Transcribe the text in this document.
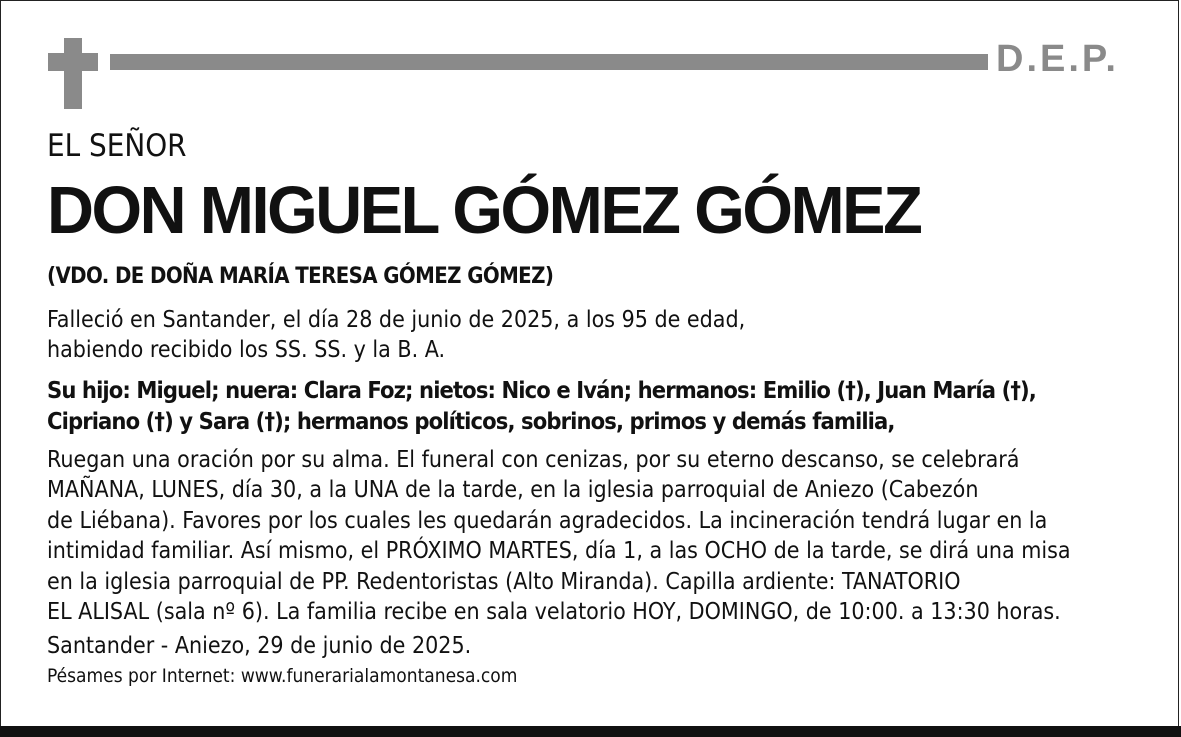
D.E.P.
EL SEÑOR
DON MIGUEL GÓMEZ GÓMEZ
(VDO. DE DOÑA MARÍA TERESA GÓMEZ GÓMEZ)
Falleció en Santander, el día 28 de junio de 2025, a los 95 de edad,
habiendo recibido los SS. SS. y la B. A.
Su hijo: Miguel; nuera: Clara Foz; nietos: Nico e Iván; hermanos: Emilio (†), Juan María (†),
Cipriano (†) y Sara (†); hermanos políticos, sobrinos, primos y demás familia,
Ruegan una oración por su alma. El funeral con cenizas, por su eterno descanso, se celebrará
MAÑANA, LUNES, día 30, a la UNA de la tarde, en la iglesia parroquial de Aniezo (Cabezón
de Liébana). Favores por los cuales les quedarán agradecidos. La incineración tendrá lugar en la
intimidad familiar. Así mismo, el PRÓXIMO MARTES, día 1, a las OCHO de la tarde, se dirá una misa
en la iglesia parroquial de PP. Redentoristas (Alto Miranda). Capilla ardiente: TANATORIO
EL ALISAL (sala nº 6). La familia recibe en sala velatorio HOY, DOMINGO, de 10:00. a 13:30 horas.
Santander - Aniezo, 29 de junio de 2025.
Pésames por Internet: www.funerarialamontanesa.com
